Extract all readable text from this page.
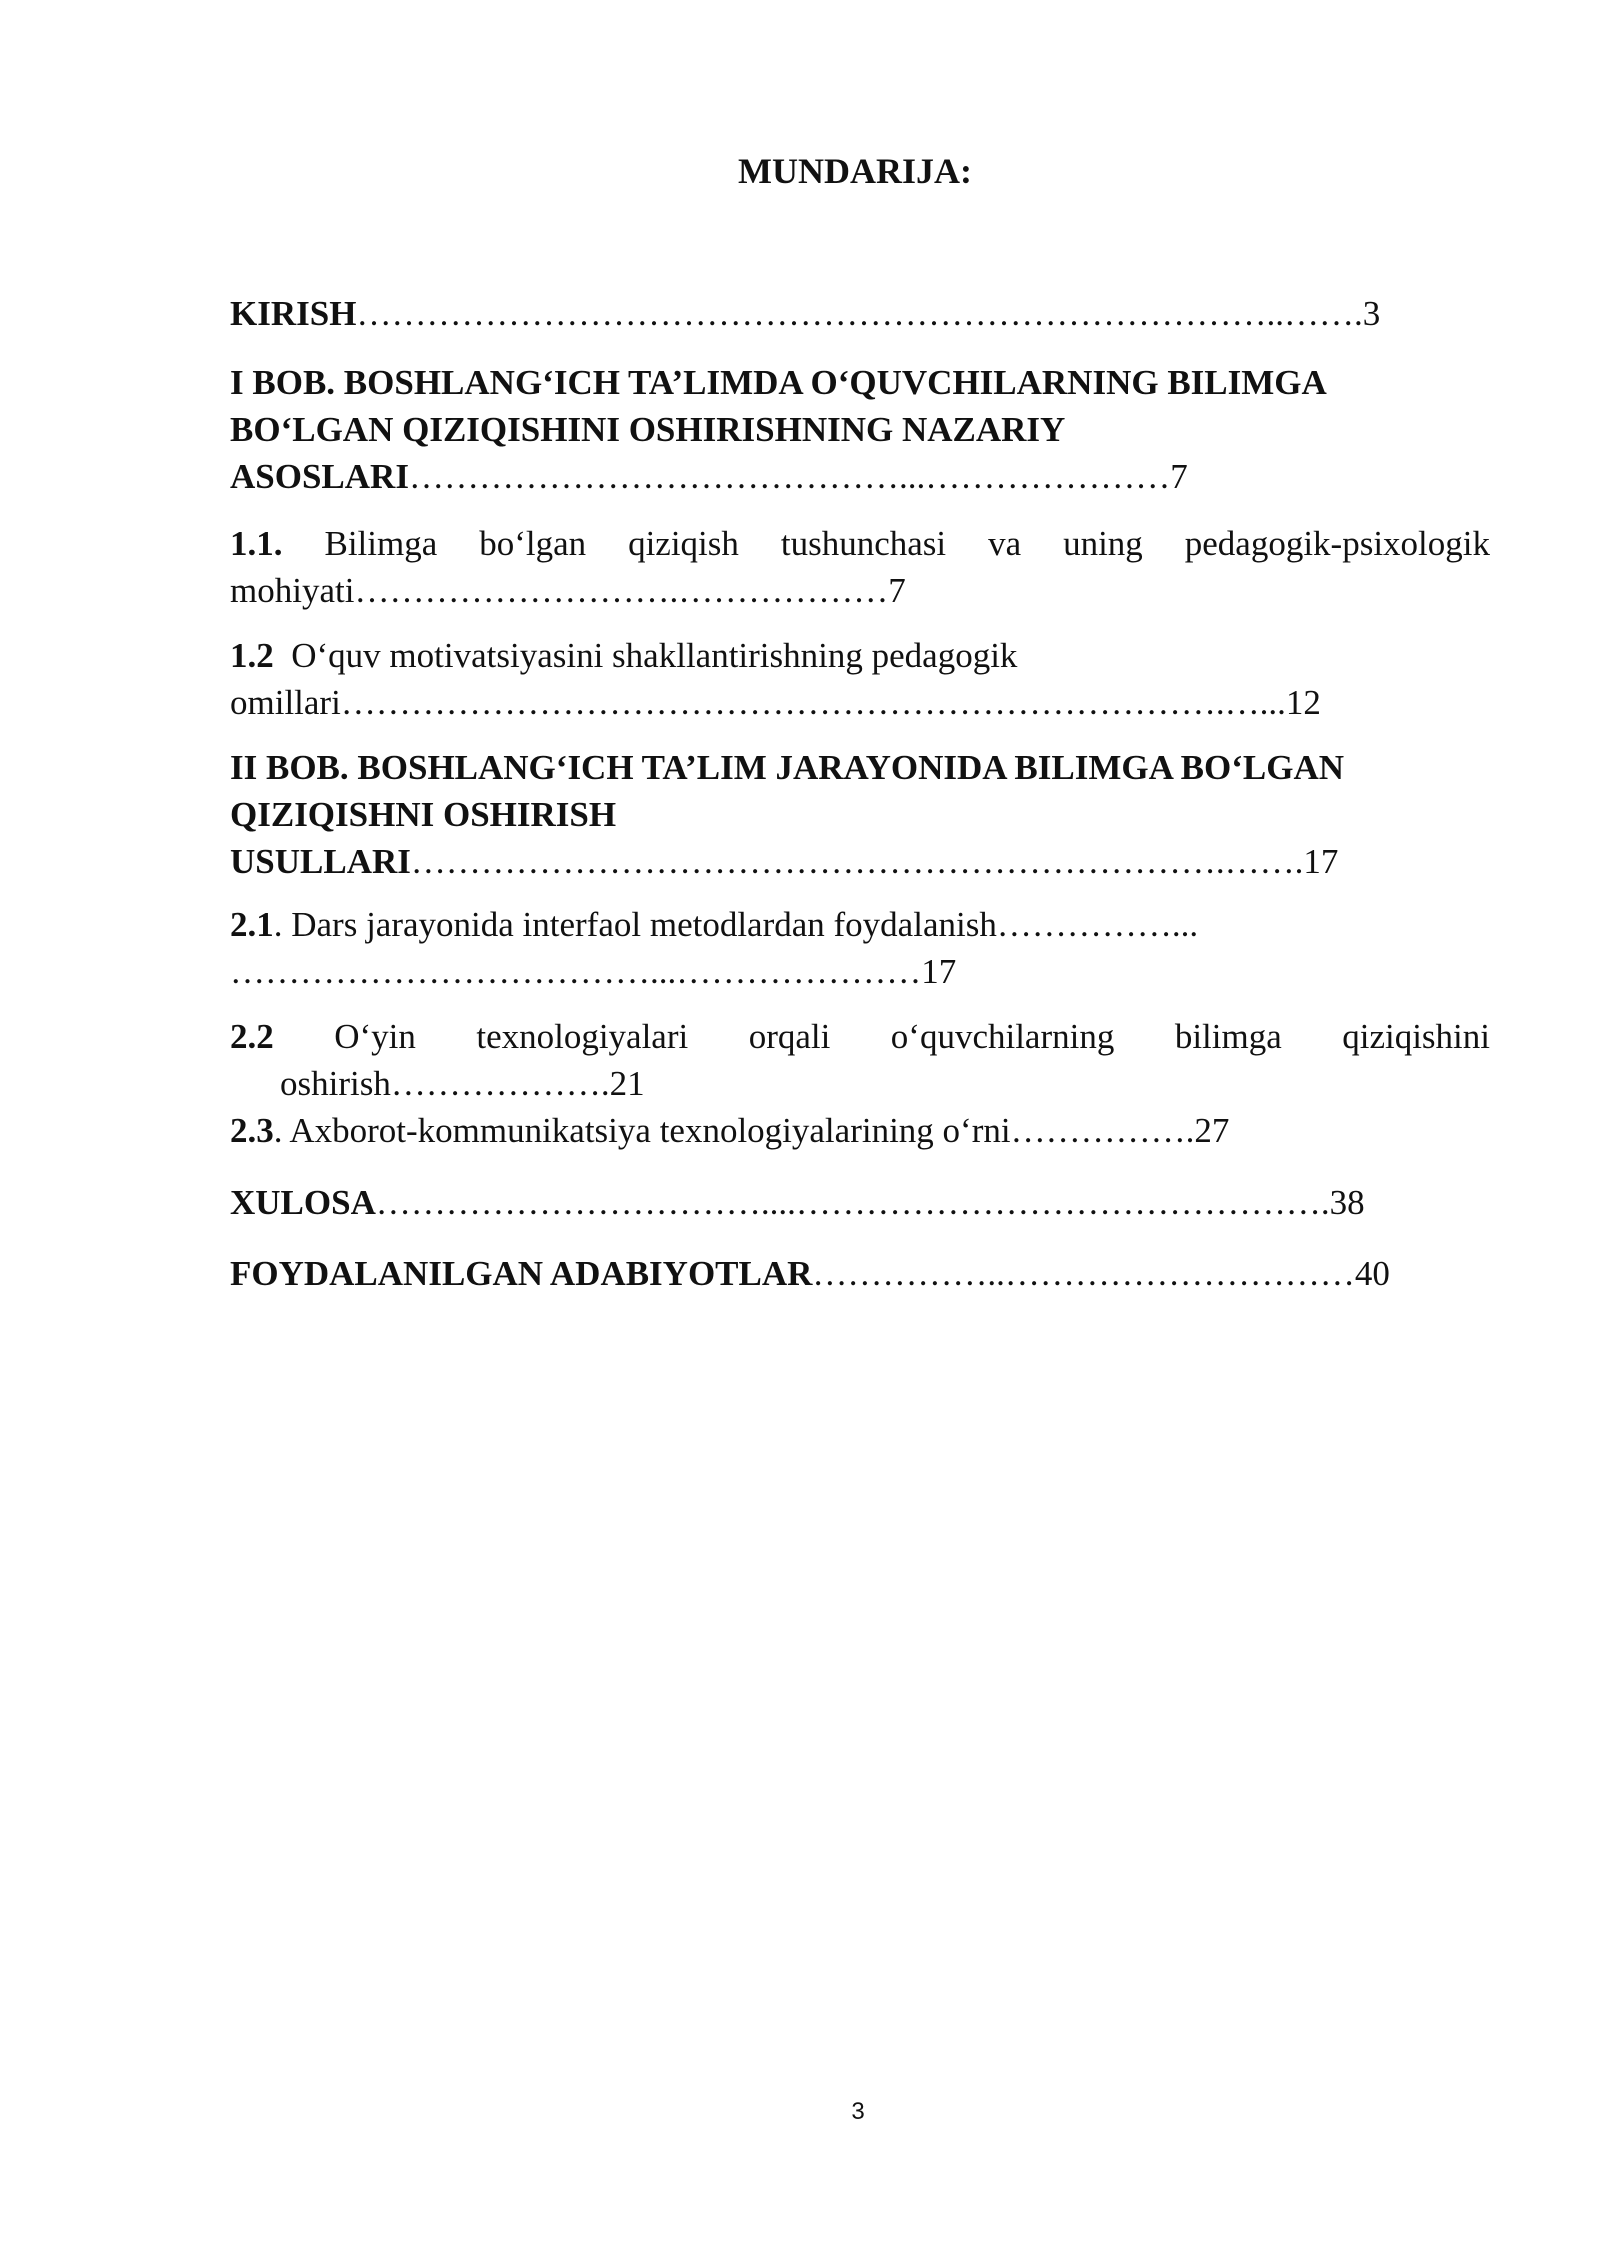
MUNDARIJA:

KIRISH……………………………………………………………………..…….3

I BOB. BOSHLANG‘ICH TA’LIMDA O‘QUVCHILARNING BILIMGA
BO‘LGAN QIZIQISHINI OSHIRISHNING NAZARIY
ASOSLARI……………………………………...…………………7
1.1. Bilimga bo‘lgan qiziqish tushunchasi va uning pedagogik-psixologik
mohiyati……………………….………………7
1.2 O‘quv motivatsiyasini shakllantirishning pedagogik
omillari………………………………………………………………….…...12
II BOB. BOSHLANG‘ICH TA’LIM JARAYONIDA BILIMGA BO‘LGAN
QIZIQISHNI OSHIRISH
USULLARI…………………………………………………………….…….17
2.1. Dars jarayonida interfaol metodlardan foydalanish……………...
………………………………...…………………17
2.2 O‘yin texnologiyalari orqali o‘quvchilarning bilimga qiziqishini
oshirish……………….21
2.3. Axborot-kommunikatsiya texnologiyalarining o‘rni…………….27

XULOSA……………………………....……………………………………….38

FOYDALANILGAN ADABIYOTLAR……………..…………………………40

3
